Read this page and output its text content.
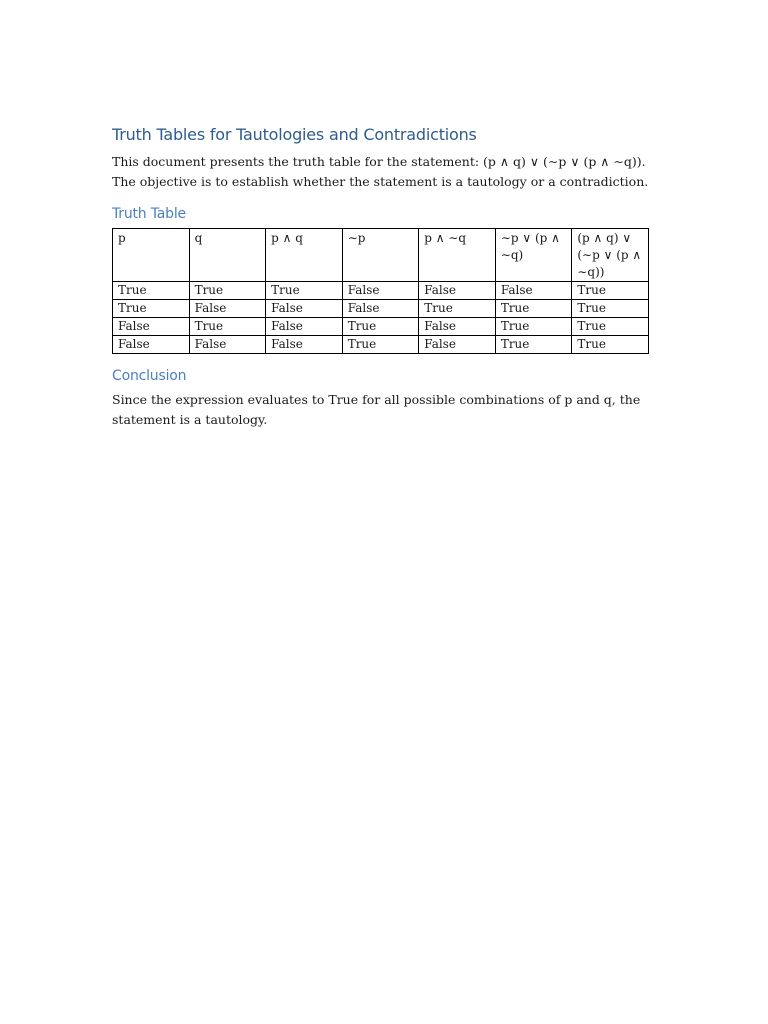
Truth Tables for Tautologies and Contradictions

This document presents the truth table for the statement: (p ∧ q) ∨ (∼p ∨ (p ∧ ∼q)). The objective is to establish whether the statement is a tautology or a contradiction.

Truth Table
p	q	p ∧ q	∼p	p ∧ ∼q	∼p ∨ (p ∧ ∼q)	(p ∧ q) ∨ (∼p ∨ (p ∧ ∼q))
True	True	True	False	False	False	True
True	False	False	False	True	True	True
False	True	False	True	False	True	True
False	False	False	True	False	True	True
Conclusion

Since the expression evaluates to True for all possible combinations of p and q, the statement is a tautology.
